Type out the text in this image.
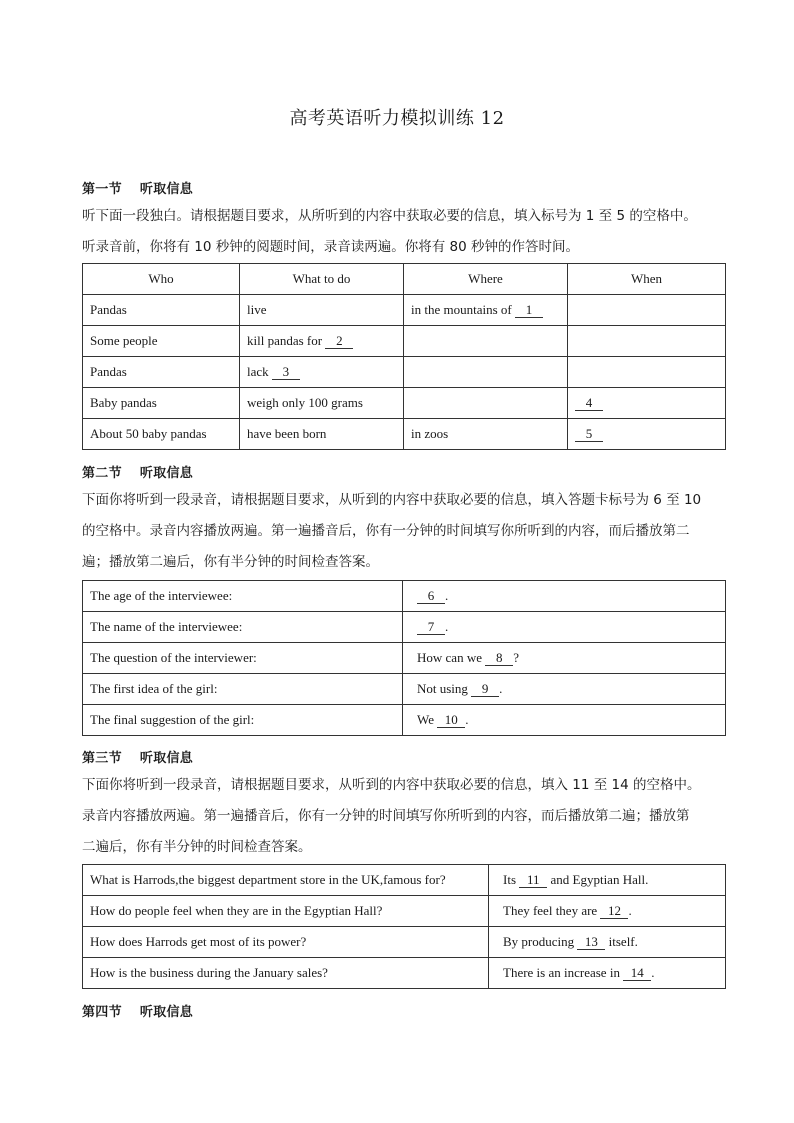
高考英语听力模拟训练 12
第一节 听取信息
听下面一段独白。请根据题目要求，从所听到的内容中获取必要的信息，填入标号为 1 至 5 的空格中。
听录音前，你将有 10 秒钟的阅题时间，录音读两遍。你将有 80 秒钟的作答时间。
Who	What to do	Where	When
Pandas	live	in the mountains of 1	
Some people	kill pandas for 2		
Pandas	lack 3		
Baby pandas	weigh only 100 grams		4
About 50 baby pandas	have been born	in zoos	5
第二节 听取信息
下面你将听到一段录音，请根据题目要求，从听到的内容中获取必要的信息，填入答题卡标号为 6 至 10
的空格中。录音内容播放两遍。第一遍播音后，你有一分钟的时间填写你所听到的内容，而后播放第二
遍；播放第二遍后，你有半分钟的时间检查答案。
The age of the interviewee:	6 .
The name of the interviewee:	7 .
The question of the interviewer:	How can we 8 ?
The first idea of the girl:	Not using 9 .
The final suggestion of the girl:	We 10 .
第三节 听取信息
下面你将听到一段录音，请根据题目要求，从听到的内容中获取必要的信息，填入 11 至 14 的空格中。
录音内容播放两遍。第一遍播音后，你有一分钟的时间填写你所听到的内容，而后播放第二遍；播放第
二遍后，你有半分钟的时间检查答案。
What is Harrods,the biggest department store in the UK,famous for?	Its 11 and Egyptian Hall.
How do people feel when they are in the Egyptian Hall?	They feel they are 12 .
How does Harrods get most of its power?	By producing 13 itself.
How is the business during the January sales?	There is an increase in 14 .
第四节 听取信息
